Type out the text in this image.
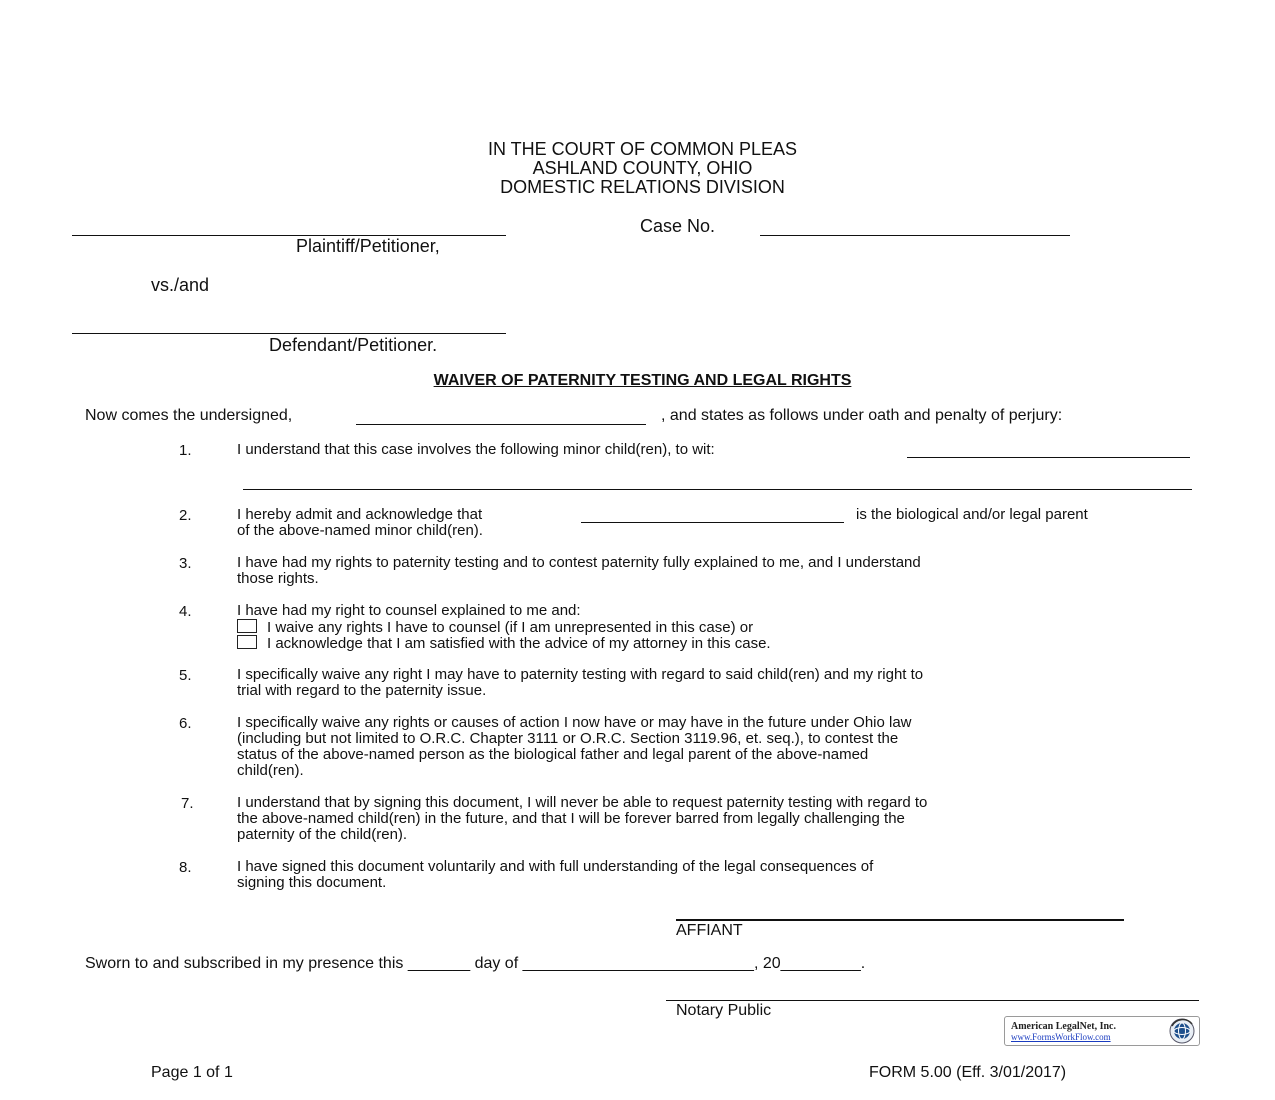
IN THE COURT OF COMMON PLEAS
ASHLAND COUNTY, OHIO
DOMESTIC RELATIONS DIVISION
Plaintiff/Petitioner,
Case No.
vs./and
Defendant/Petitioner.
WAIVER OF PATERNITY TESTING AND LEGAL RIGHTS
Now comes the undersigned,	, and states as follows under oath and penalty of perjury:
1.	I understand that this case involves the following minor child(ren), to wit:
2.	I hereby admit and acknowledge that	is the biological and/or legal parent
of the above-named minor child(ren).
3.	I have had my rights to paternity testing and to contest paternity fully explained to me, and I understand
those rights.
4.	I have had my right to counsel explained to me and:
I waive any rights I have to counsel (if I am unrepresented in this case) or
I acknowledge that I am satisfied with the advice of my attorney in this case.
5.	I specifically waive any right I may have to paternity testing with regard to said child(ren) and my right to
trial with regard to the paternity issue.
6.	I specifically waive any rights or causes of action I now have or may have in the future under Ohio law
(including but not limited to O.R.C. Chapter 3111 or O.R.C. Section 3119.96, et. seq.), to contest the
status of the above-named person as the biological father and legal parent of the above-named
child(ren).
7.	I understand that by signing this document, I will never be able to request paternity testing with regard to
the above-named child(ren) in the future, and that I will be forever barred from legally challenging the
paternity of the child(ren).
8.	I have signed this document voluntarily and with full understanding of the legal consequences of
signing this document.
AFFIANT
Sworn to and subscribed in my presence this _______ day of __________________________, 20_________.
Notary Public
American LegalNet, Inc.
www.FormsWorkFlow.com
Page 1 of 1	FORM 5.00 (Eff. 3/01/2017)
